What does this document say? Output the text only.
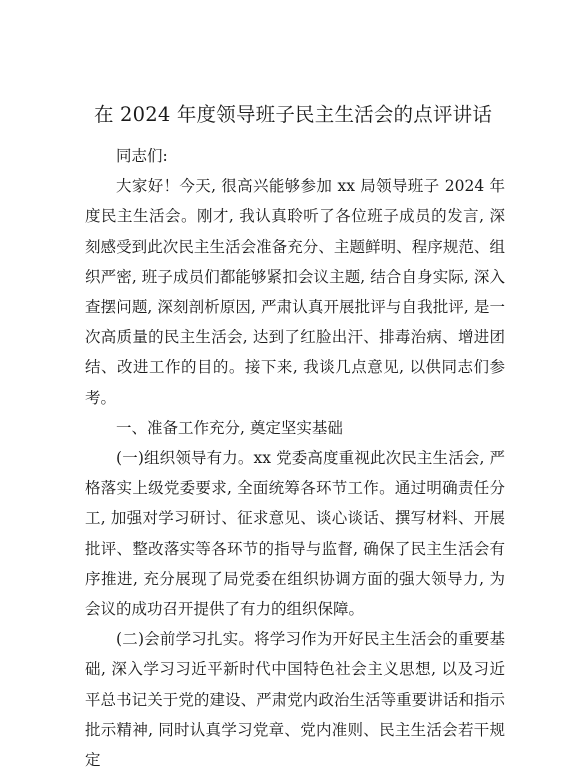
在 2024 年度领导班子民主生活会的点评讲话

同志们:

大家好！今天, 很高兴能够参加 xx 局领导班子 2024 年度民主生活会。刚才, 我认真聆听了各位班子成员的发言, 深刻感受到此次民主生活会准备充分、主题鲜明、程序规范、组织严密, 班子成员们都能够紧扣会议主题, 结合自身实际, 深入查摆问题, 深刻剖析原因, 严肃认真开展批评与自我批评, 是一次高质量的民主生活会, 达到了红脸出汗、排毒治病、增进团结、改进工作的目的。接下来, 我谈几点意见, 以供同志们参考。

一、准备工作充分, 奠定坚实基础

(一)组织领导有力。xx 党委高度重视此次民主生活会, 严格落实上级党委要求, 全面统筹各环节工作。通过明确责任分工, 加强对学习研讨、征求意见、谈心谈话、撰写材料、开展批评、整改落实等各环节的指导与监督, 确保了民主生活会有序推进, 充分展现了局党委在组织协调方面的强大领导力, 为会议的成功召开提供了有力的组织保障。

(二)会前学习扎实。将学习作为开好民主生活会的重要基础, 深入学习习近平新时代中国特色社会主义思想, 以及习近平总书记关于党的建设、严肃党内政治生活等重要讲话和指示批示精神, 同时认真学习党章、党内准则、民主生活会若干规定
